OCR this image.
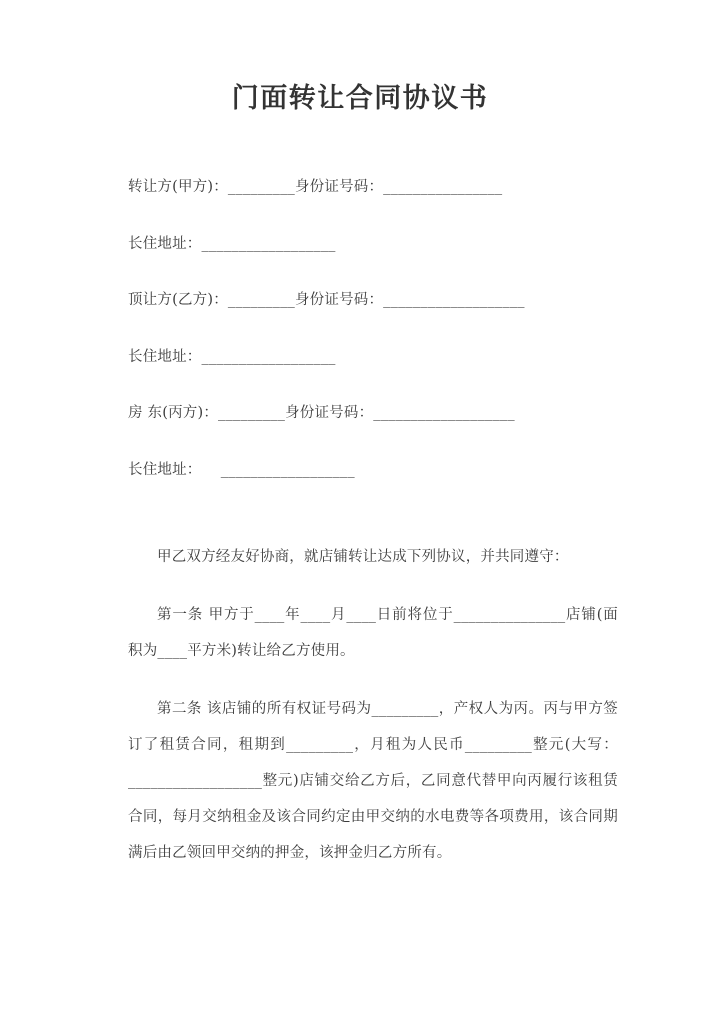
门面转让合同协议书
转让方(甲方)：_________身份证号码：________________
长住地址：__________________
顶让方(乙方)：_________身份证号码：___________________
长住地址：__________________
房 东(丙方)：_________身份证号码：___________________
长住地址：    __________________

甲乙双方经友好协商，就店铺转让达成下列协议，并共同遵守：

第一条 甲方于____年____月____日前将位于_______________店铺(面积为____平方米)转让给乙方使用。

第二条 该店铺的所有权证号码为_________，产权人为丙。丙与甲方签订了租赁合同，租期到_________，月租为人民币_________整元(大写：__________________整元)店铺交给乙方后，乙同意代替甲向丙履行该租赁合同，每月交纳租金及该合同约定由甲交纳的水电费等各项费用，该合同期满后由乙领回甲交纳的押金，该押金归乙方所有。
